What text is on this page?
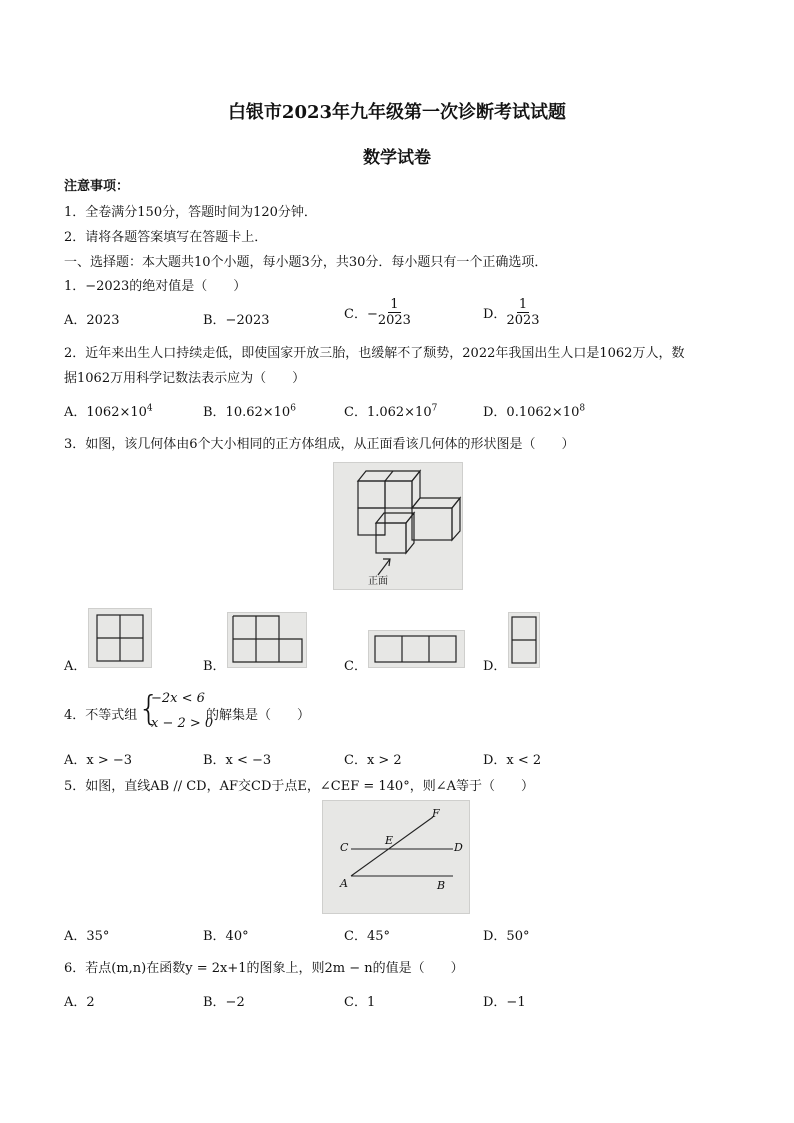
白银市2023年九年级第一次诊断考试试题
数学试卷
注意事项：
1．全卷满分150分，答题时间为120分钟．
2．请将各题答案填写在答题卡上．
一、选择题：本大题共10个小题，每小题3分，共30分．每小题只有一个正确选项．
1．−2023的绝对值是（　　）
A．2023	B．−2023	C．− $\frac{1}{2023}$	D． $\frac{1}{2023}$
2．近年来出生人口持续走低，即使国家开放三胎，也缓解不了颓势，2022年我国出生人口是1062万人，数
据1062万用科学记数法表示应为（　　）
A．$1062\times 10^4$	B．$10.62\times 10^6$	C．$1.062\times 10^7$	D．$0.1062\times 10^8$
3．如图，该几何体由6个大小相同的正方体组成，从正面看该几何体的形状图是（　　）
正面
A．	B．	C．	D．
4．不等式组 {
−2x < 6
x − 2 > 0
的解集是（　　）
A．x > −3	B．x < −3	C．x > 2	D．x < 2
5．如图，直线AB // CD，AF交CD于点E，∠CEF = 140°，则∠A等于（　　）
F
C
E
D
A	B
A．35°	B．40°	C．45°	D．50°
6．若点(m,n)在函数y = 2x+1的图象上，则2m − n的值是（　　）
A．2	B．−2	C．1	D．−1
